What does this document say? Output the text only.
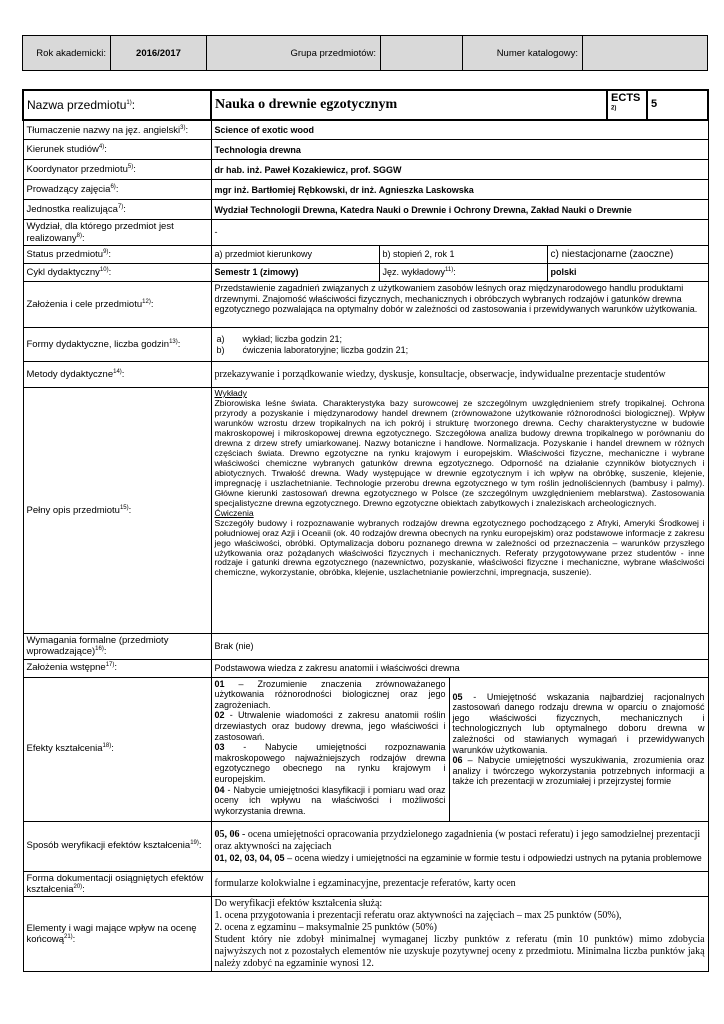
Rok akademicki:	2016/2017	Grupa przedmiotów:		Numer katalogowy:	
Nazwa przedmiotu$^{1)}$:	Nauka o drewnie egzotycznym	ECTS $^{2)}$	5
Tłumaczenie nazwy na jęz. angielski$^{3)}$:	Science of exotic wood
Kierunek studiów$^{4)}$:	Technologia drewna
Koordynator przedmiotu$^{5)}$:	dr hab. inż. Paweł Kozakiewicz, prof. SGGW
Prowadzący zajęcia$^{6)}$:	mgr inż. Bartłomiej Rębkowski, dr inż. Agnieszka Laskowska
Jednostka realizująca$^{7)}$:	Wydział Technologii Drewna, Katedra Nauki o Drewnie i Ochrony Drewna, Zakład Nauki o Drewnie
Wydział, dla którego przedmiot jest realizowany$^{8)}$:	-
Status przedmiotu$^{9)}$:	a) przedmiot kierunkowy	b) stopień 2, rok 1	c) niestacjonarne (zaoczne)
Cykl dydaktyczny$^{10)}$:	Semestr 1 (zimowy)	Jęz. wykładowy$^{11)}$:	polski
Założenia i cele przedmiotu$^{12)}$:	Przedstawienie zagadnień związanych z użytkowaniem zasobów leśnych oraz międzynarodowego handlu produktami drzewnymi. Znajomość właściwości fizycznych, mechanicznych i obróbczych wybranych rodzajów i gatunków drewna egzotycznego pozwalająca na optymalny dobór w zależności od zastosowania i przewidywanych warunków użytkowania.
Formy dydaktyczne, liczba godzin$^{13)}$:	
a)	wykład; liczba godzin 21;
b)	ćwiczenia laboratoryjne; liczba godzin 21;

Metody dydaktyczne$^{14)}$:	przekazywanie i porządkowanie wiedzy, dyskusje, konsultacje, obserwacje, indywidualne prezentacje studentów
Pełny opis przedmiotu$^{15)}$:	
Wykłady
Zbiorowiska leśne świata. Charakterystyka bazy surowcowej ze szczególnym uwzględnieniem strefy tropikalnej. Ochrona przyrody a pozyskanie i międzynarodowy handel drewnem (zrównoważone użytkowanie różnorodności biologicznej). Wpływ warunków wzrostu drzew tropikalnych na ich pokrój i strukturę tworzonego drewna. Cechy charakterystyczne w budowie makroskopowej i mikroskopowej drewna egzotycznego. Szczegółowa analiza budowy drewna tropikalnego w porównaniu do drewna z drzew strefy umiarkowanej. Nazwy botaniczne i handlowe. Normalizacja. Pozyskanie i handel drewnem w różnych częściach świata. Drewno egzotyczne na rynku krajowym i europejskim. Właściwości fizyczne, mechaniczne i wybrane właściwości chemiczne wybranych gatunków drewna egzotycznego. Odporność na działanie czynników biotycznych i abiotycznych. Trwałość drewna. Wady występujące w drewnie egzotycznym i ich wpływ na obróbkę, suszenie, klejenie, impregnację i uszlachetnianie. Technologie przerobu drewna egzotycznego w tym roślin jednoliściennych (bambusy i palmy). Główne kierunki zastosowań drewna egzotycznego w Polsce (ze szczególnym uwzględnieniem meblarstwa). Zastosowania specjalistyczne drewna egzotycznego. Drewno egzotyczne obiektach zabytkowych i znaleziskach archeologicznych.
Ćwiczenia
Szczegóły budowy i rozpoznawanie wybranych rodzajów drewna egzotycznego pochodzącego z Afryki, Ameryki Środkowej i południowej oraz Azji i Oceanii (ok. 40 rodzajów drewna obecnych na rynku europejskim) oraz podstawowe informacje z zakresu jego właściwości, obróbki. Optymalizacja doboru poznanego drewna w zależności od przeznaczenia – warunków przyszłego użytkowania oraz pożądanych właściwości fizycznych i mechanicznych. Referaty przygotowywane przez studentów - inne rodzaje i gatunki drewna egzotycznego (nazewnictwo, pozyskanie, właściwości fizyczne i mechaniczne, wybrane właściwości chemiczne, wykorzystanie, obróbka, klejenie, uszlachetnianie powierzchni, impregnacja, suszenie).

Wymagania formalne (przedmioty wprowadzające)$^{16)}$:	Brak (nie)
Założenia wstępne$^{17)}$:	Podstawowa wiedza z zakresu anatomii i właściwości drewna
Efekty kształcenia$^{18)}$:	
01 – Zrozumienie znaczenia zrównoważanego użytkowania różnorodności biologicznej oraz jego zagrożeniach.
02 - Utrwalenie wiadomości z zakresu anatomii roślin drzewiastych oraz budowy drewna, jego właściwości i zastosowań.
03 - Nabycie umiejętności rozpoznawania makroskopowego najważniejszych rodzajów drewna egzotycznego obecnego na rynku krajowym i europejskim.
04 - Nabycie umiejętności klasyfikacji i pomiaru wad oraz oceny ich wpływu na właściwości i możliwości wykorzystania drewna.

05 - Umiejętność wskazania najbardziej racjonalnych zastosowań danego rodzaju drewna w oparciu o znajomość jego właściwości fizycznych, mechanicznych i technologicznych lub optymalnego doboru drewna w zależności od stawianych wymagań i przewidywanych warunków użytkowania.
06 – Nabycie umiejętności wyszukiwania, zrozumienia oraz analizy i twórczego wykorzystania potrzebnych informacji a także ich prezentacji w zrozumiałej i przejrzystej formie

Sposób weryfikacji efektów kształcenia$^{19)}$:	
05, 06 - ocena umiejętności opracowania przydzielonego zagadnienia (w postaci referatu) i jego samodzielnej prezentacji oraz aktywności na zajęciach
01, 02, 03, 04, 05 – ocena wiedzy i umiejętności na egzaminie w formie testu i odpowiedzi ustnych na pytania problemowe

Forma dokumentacji osiągniętych efektów kształcenia$^{20)}$:	formularze kolokwialne i egzaminacyjne, prezentacje referatów, karty ocen
Elementy i wagi mające wpływ na ocenę końcową$^{21)}$:	
Do weryfikacji efektów kształcenia służą:
1. ocena przygotowania i prezentacji referatu oraz aktywności na zajęciach – max 25 punktów (50%),
2. ocena z egzaminu – maksymalnie 25 punktów (50%)
Student który nie zdobył minimalnej wymaganej liczby punktów z referatu (min 10 punktów) mimo zdobycia najwyższych not z pozostałych elementów nie uzyskuje pozytywnej oceny z przedmiotu. Minimalna liczba punktów jaką należy zdobyć na egzaminie wynosi 12.
